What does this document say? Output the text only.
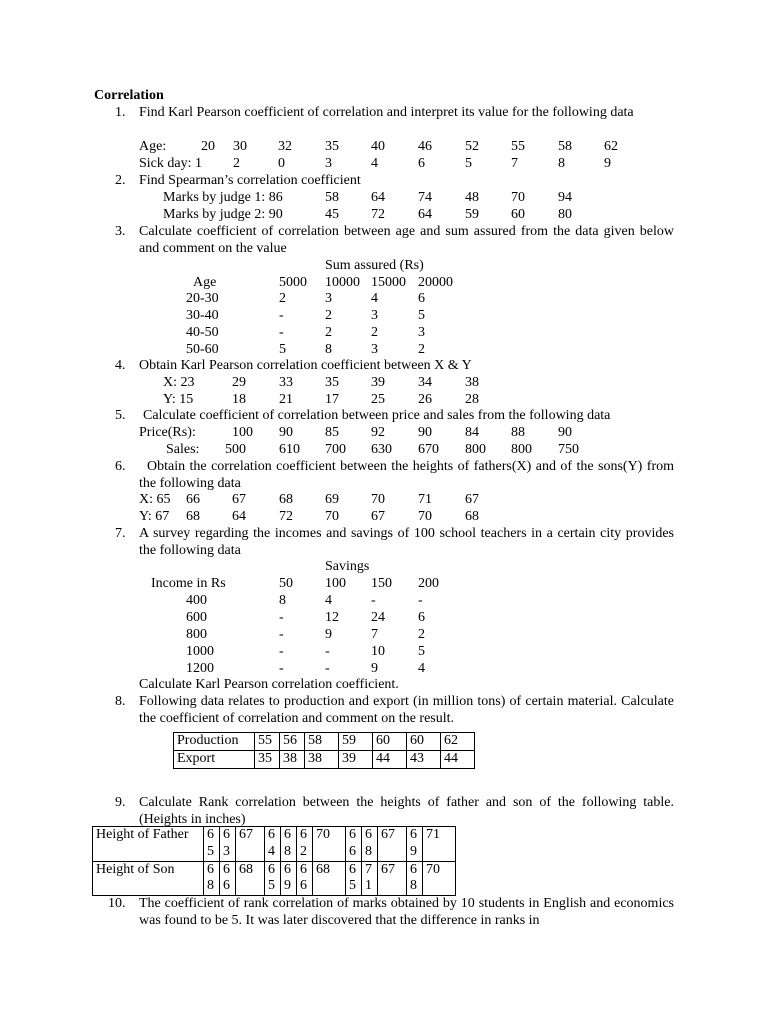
Correlation
1. Find Karl Pearson coefficient of correlation and interpret its value for the following data
Age: 20 30 32 35 40 46 52 55 58 62
Sick day: 1 2	0	3	4	6	5	7	8	9
2. Find Spearman’s correlation coefficient
Marks by judge 1: 86	58 64 74 48 70 94
Marks by judge 2: 90	45 72 64 59 60 80
3. Calculate coefficient of correlation between age and sum assured from the data given below and comment on the value
Sum assured (Rs)
Age	5000 10000 15000 20000
20-30	2	3	4	6
30-40	-	2	3	5
40-50	-	2	2	3
50-60	5	8	3	2
4. Obtain Karl Pearson correlation coefficient between X & Y
X: 23	29 33 35 39 34 38
Y: 15	18 21 17 25 26 28
5. Calculate coefficient of correlation between price and sales from the following data
Price(Rs):	100 90 85 92 90 84 88 90
Sales: 500 610 700 630 670 800 800 750
6.	Obtain the correlation coefficient between the heights of fathers(X) and of the sons(Y) from the following data
X: 65 66 67 68 69 70 71 67
Y: 67 68 64 72 70 67 70 68
7. A survey regarding the incomes and savings of 100 school teachers in a certain city provides the following data
Savings
Income in Rs	50 100 150 200
400	8	4	-	-
600	-	12 24 6
800	-	9	7	2
1000	-	-	10 5
1200	-	-	9	4
Calculate Karl Pearson correlation coefficient.
8. Following data relates to production and export (in million tons) of certain material. Calculate the coefficient of correlation and comment on the result.
Production	55	56	58	59	60	60	62
Export	35	38	38	39	44	43	44
9. Calculate Rank correlation between the heights of father and son of the following table. (Heights in inches)
Height of Father	65	63	67	64	68	62	70	66	68	67	69	71
Height of Son	68	66	68	65	69	66	68	65	71	67	68	70
10. The coefficient of rank correlation of marks obtained by 10 students in English and economics was found to be 5. It was later discovered that the difference in ranks in
